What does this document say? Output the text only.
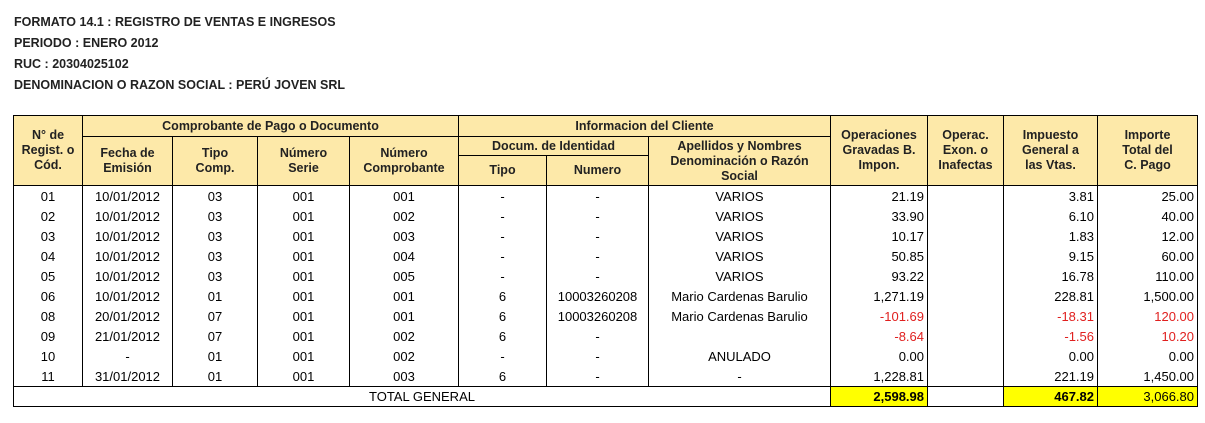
FORMATO 14.1 : REGISTRO DE VENTAS E INGRESOS
PERIODO : ENERO 2012
RUC : 20304025102
DENOMINACION O RAZON SOCIAL : PERÚ JOVEN SRL
N° de Regist. o Cód.	Comprobante de Pago o Documento				Informacion del Cliente			Operaciones Gravadas B. Impon.	Operac. Exon. o Inafectas	Impuesto General a las Vtas.	Importe Total del C. Pago
	Fecha de Emisión	Tipo Comp.	Número Serie	Número Comprobante	Docum. de Identidad		Apellidos y Nombres Denominación o Razón Social				
					Tipo	Numero					
01	10/01/2012	03	001	001	-	-	VARIOS	21.19		3.81	25.00
02	10/01/2012	03	001	002	-	-	VARIOS	33.90		6.10	40.00
03	10/01/2012	03	001	003	-	-	VARIOS	10.17		1.83	12.00
04	10/01/2012	03	001	004	-	-	VARIOS	50.85		9.15	60.00
05	10/01/2012	03	001	005	-	-	VARIOS	93.22		16.78	110.00
06	10/01/2012	01	001	001	6	10003260208	Mario Cardenas Barulio	1,271.19		228.81	1,500.00
08	20/01/2012	07	001	001	6	10003260208	Mario Cardenas Barulio	-101.69		-18.31	120.00
09	21/01/2012	07	001	002	6	-		-8.64		-1.56	10.20
10	-	01	001	002	-	-	ANULADO	0.00		0.00	0.00
11	31/01/2012	01	001	003	6	-	-	1,228.81		221.19	1,450.00
TOTAL GENERAL								2,598.98		467.82	3,066.80
